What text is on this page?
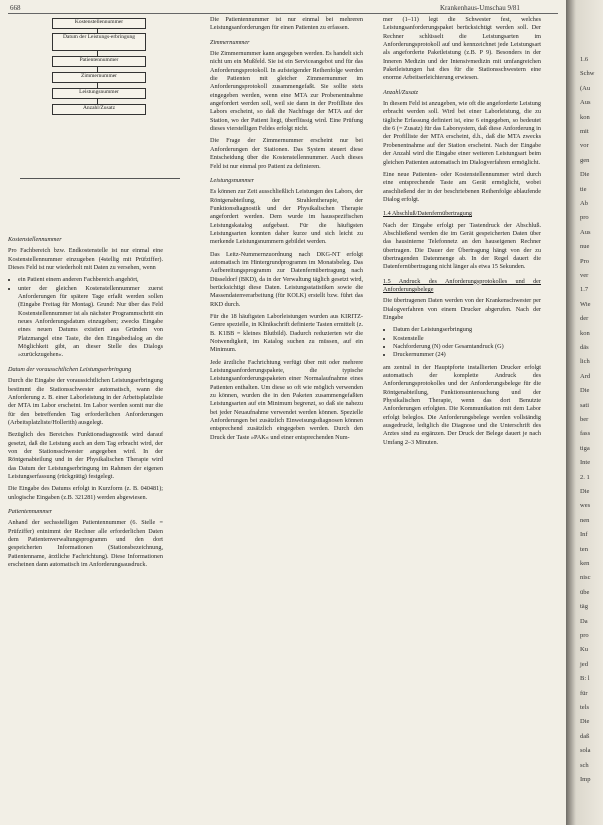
668	Krankenhaus-Umschau 9/81
Kostenstellennummer
Datum der Leistungs-erbringung
Patientennummer
Zimmernummer
Leistungsnummer
Anzahl/Zusatz
Kostenstellennummer

Pro Fachbereich bzw. Endkostenstelle ist nur einmal eine Kostenstellennummer einzugeben (4stellig mit Prüfziffer). Dieses Feld ist nur wiederholt mit Daten zu versehen, wenn

• ein Patient einem anderen Fachbereich angehört,
• unter der gleichen Kostenstellennummer zuerst Anforderungen für spätere Tage erfaßt werden sollen (Eingabe Freitag für Montag). Grund: Nur über das Feld Kostenstellennummer ist als nächster Programmschritt ein neues Anforderungsdatum einzugeben; zwecks Eingabe eines neuen Datums existiert aus Gründen von Platzmangel eine Taste, die den Eingabedialog an die Möglichkeit gibt, an dieser Stelle des Dialogs »zurückzugehen«.
Datum der vorausschtlichen Leistungserbringung

Durch die Eingabe der voraussichtlichen Leistungserbringung bestimmt die Stationsschwester automatisch, wann die Anforderung z. B. einer Laborleistung in der Arbeitsplatzliste der MTA im Labor erscheint. Im Labor werden somit nur die für den betreffenden Tag erforderlichen Anforderungen (Arbeitsplatzliste/Hollerith) ausgelegt.

Bezüglich des Bereiches Funktionsdiagnostik wird darauf gesetzt, daß die Leistung auch an dem Tag erbracht wird, der von der Stationsschwester angegeben wird. In der Röntgenabteilung und in der Physikalischen Therapie wird das Datum der Leistungserbringung im Rahmen der eigenen Leistungserfassung (rückgrätig) festgelegt.

Die Eingabe des Datums erfolgt in Kurzform (z. B. 040481); unlogische Eingaben (z.B. 321281) werden abgewiesen.

Patientennummer

Anhand der sechsstelligen Patientennummer (6. Stelle = Prüfziffer) entnimmt der Rechner alle erforderlichen Daten dem Patientenverwaltungsprogramm und den dort gespeicherten Informationen (Stationsbezeichnung, Patientenname, ärztliche Fachrichtung). Diese Informationen erscheinen dann automatisch im Anforderungsausdruck.

Die Patientennummer ist nur einmal bei mehreren Leistungsanforderungen für einen Patienten zu erfassen.

Zimmernummer

Die Zimmernummer kann angegeben werden. Es handelt sich nicht um ein Mußfeld. Sie ist ein Serviceangebot und für das Anforderungsprotokoll. In aufsteigender Reihenfolge werden die Patienten mit gleicher Zimmernummer im Anforderungsprotokoll zusammengefaßt. Sie sollte stets eingegeben werden, wenn eine MTA zur Probenentnahme angefordert werden soll, weil sie dann in der Profilliste des Labors erscheint, so daß die Nachfrage der MTA auf der Station, wo der Patient liegt, überflüssig wird. Eine Prüfung dieses vierstelligen Feldes erfolgt nicht.

Die Frage der Zimmernummer erscheint nur bei Anforderungen der Stationen. Das System steuert diese Entscheidung über die Kostenstellennummer. Auch dieses Feld ist nur einmal pro Patient zu definieren.

Leistungsnummer

Es können zur Zeit ausschließlich Leistungen des Labors, der Röntgenabteilung, der Strahlentherapie, der Funktionsdiagnostik und der Physikalischen Therapie angefordert werden. Dem wurde im hausspezifischen Leistungskatalog aufgebaut. Für die häufigsten Leistungsarten konnten daher kurze und sich leicht zu merkende Leistungsnummern gebildet werden.

Das Leitz-Nummernzuordnung nach DKG-NT erfolgt automatisch im Hintergrundprogramm im Monatsbeleg. Das Aufbereitungsprogramm zur Datenfernübertragung nach Düsseldorf (BKD), da in der Verwaltung täglich gesetzt wird, berücksichtigt diese Daten. Leistungsstatistiken sowie die Massendatenverarbeitung (für KOLK) erstellt bzw. führt das RKD durch.

Für die 18 häufigsten Laborleistungen wurden aus KIRITZ-Genre spezielle, in Klinikschrift definierte Tasten ermittelt (z. B. K1BB = kleines Blutbild). Dadurch reduzierten wir die Notwendigkeit, im Katalog suchen zu müssen, auf ein Minimum.

Jede ärztliche Fachrichtung verfügt über mit oder mehrere Leistungsanforderungspakete, die typische Leistungsanforderungspaketen einer Normalaufnahme eines Patienten enthalten. Um diese so oft wie möglich verwenden zu können, wurden die in den Paketen zusammengefaßten Leistungsarten auf ein Minimum begrenzt, so daß sie nahezu bei jeder Neuaufnahme verwendet werden können. Spezielle Anforderungen bei zusätzlich Einweisungsdiagnosen können entsprechend zusätzlich eingegeben werden. Durch den Druck der Taste »PAK« und einer entsprechenden Num-

mer (1–11) legt die Schwester fest, welches Leistungsanforderungspaket berücksichtigt werden soll. Der Rechner schlüsselt die Leistungsarten im Anforderungsprotokoll auf und kennzeichnet jede Leistungsart als angeforderte Paketleistung (z.B. P 9). Besonders in der Inneren Medizin und der Intensivmedizin mit umfangreichen Paketleistungen hat dies für die Stationsschwestern eine enorme Arbeitserleichterung erwiesen.

Anzahl/Zusatz

In diesem Feld ist anzugeben, wie oft die angeforderte Leistung erbracht werden soll. Wird bei einer Laborleistung, die zu tägliche Erfassung definiert ist, eine 6 eingegeben, so bedeutet die 6 (= Zusatz) für das Laborsystem, daß diese Anforderung in der Profilliste der MTA erscheint, d.h., daß die MTA zwecks Probenentnahme auf der Station erscheint. Nach der Eingabe der Anzahl wird die Eingabe einer weiteren Leistungsart beim gleichen Patienten automatisch im Dialogverfahren ermöglicht.

Eine neue Patienten- oder Kostenstellennummer wird durch eine entsprechende Taste am Gerät ermöglicht, wobei anschließend der in der beschriebenen Reihenfolge ablaufende Dialog erfolgt.

1.4 Abschluß/Datenfernübertragung

Nach der Eingabe erfolgt per Tastendruck der Abschluß. Abschließend werden die im Gerät gespeicherten Daten über das hausinterne Telefonnetz an den hauseigenen Rechner übertragen. Die Dauer der Übertragung hängt von der zu übertragenden Datenmenge ab. In der Regel dauert die Datenfernübertragung nicht länger als etwa 15 Sekunden.

1.5 Andruck des Anforderungsprotokolles und der Anforderungsbelege

Die übertragenen Daten werden von der Krankenschwester per Dialogverfahren von einem Drucker abgerufen. Nach der Eingabe

• Datum der Leistungserbringung
• Kostenstelle
• Nachforderung (N) oder Gesamtandruck (G)
• Druckernummer (24)

am zentral in der Hauptpforte installierten Drucker erfolgt automatisch der komplette Andruck des Anforderungsprotokolles und der Anforderungsbelege für die Röntgenabteilung, Funktionsuntersuchung und der Physikalischen Therapie, wenn das dort Benutzte Anforderungen erfolgten. Die Kommunikation mit dem Labor erfolgt beleglos. Die Anforderungsbelege werden vollständig ausgedruckt, lediglich die Diagnose und die Unterschrift des Arztes sind zu ergänzen. Der Druck der Belege dauert je nach Umfang 2–3 Minuten.

1.6
Schw
(Au
Aus
kon
mit
vor
gen
Die
tie
Ab
pro
Aus
nue
Pro
ver
1.7
Wie
der
kon
däs
lich
Ard
Die
sati
ber
fass
tiga
Inte
2. 1
Die
wes
nen
Inf
ten
ken
nisc
übe
täg
Da
pro
Ku
jed
B: l
für
tels
Die
daß
sola
sch
Imp
